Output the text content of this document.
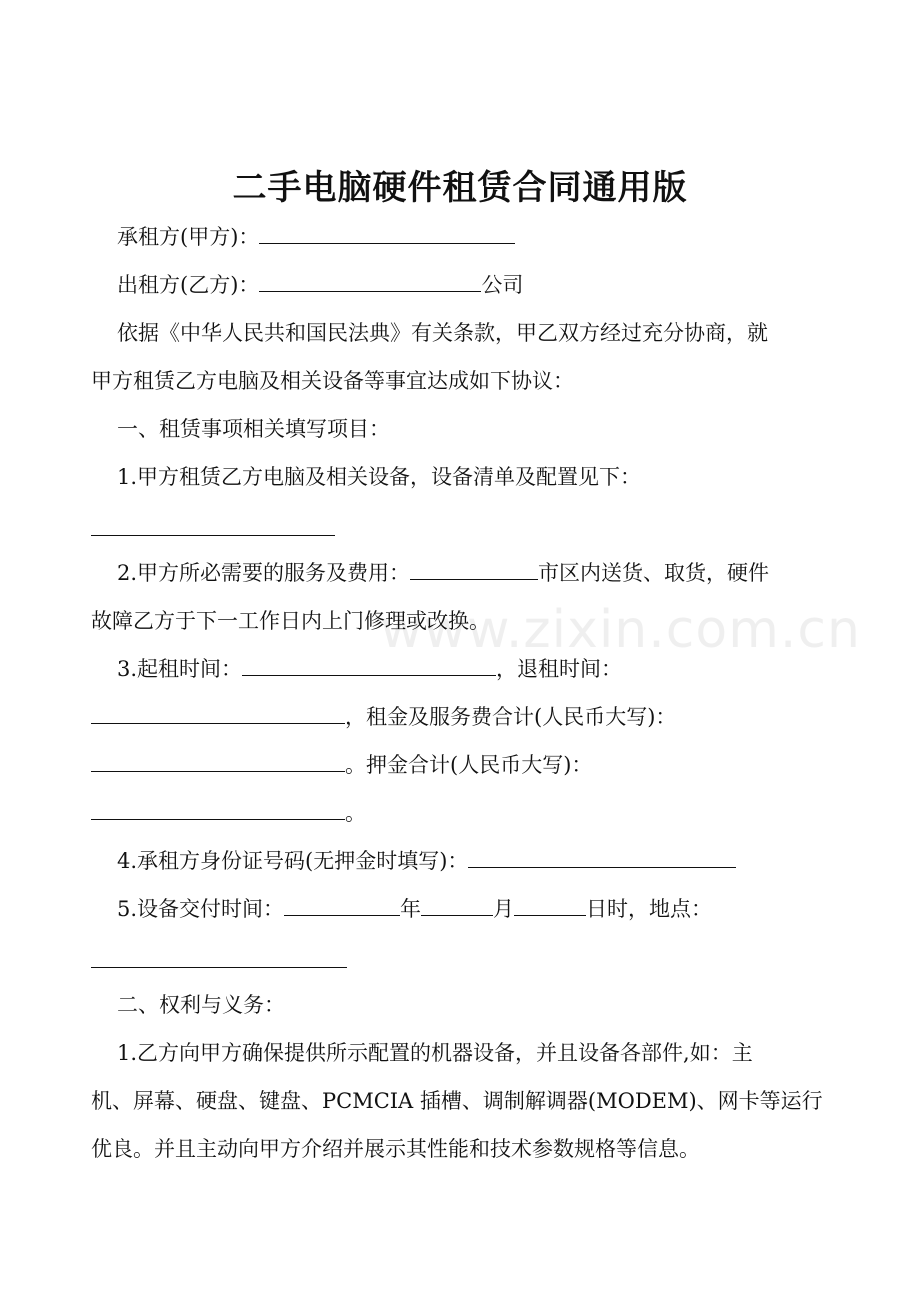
www.zixin.com.cn
二手电脑硬件租赁合同通用版
承租方(甲方)：
出租方(乙方)：	公司
依据《中华人民共和国民法典》有关条款，甲乙双方经过充分协商，就
甲方租赁乙方电脑及相关设备等事宜达成如下协议：
一、租赁事项相关填写项目：
1.甲方租赁乙方电脑及相关设备，设备清单及配置见下：
2.甲方所必需要的服务及费用：	市区内送货、取货，硬件
故障乙方于下一工作日内上门修理或改换。
3.起租时间：	，退租时间：
，租金及服务费合计(人民币大写)：
。押金合计(人民币大写)：
。
4.承租方身份证号码(无押金时填写)：
5.设备交付时间：	年	月	日时，地点：
二、权利与义务：
1.乙方向甲方确保提供所示配置的机器设备，并且设备各部件,如：主
机、屏幕、硬盘、键盘、PCMCIA 插槽、调制解调器(MODEM)、网卡等运行
优良。并且主动向甲方介绍并展示其性能和技术参数规格等信息。
